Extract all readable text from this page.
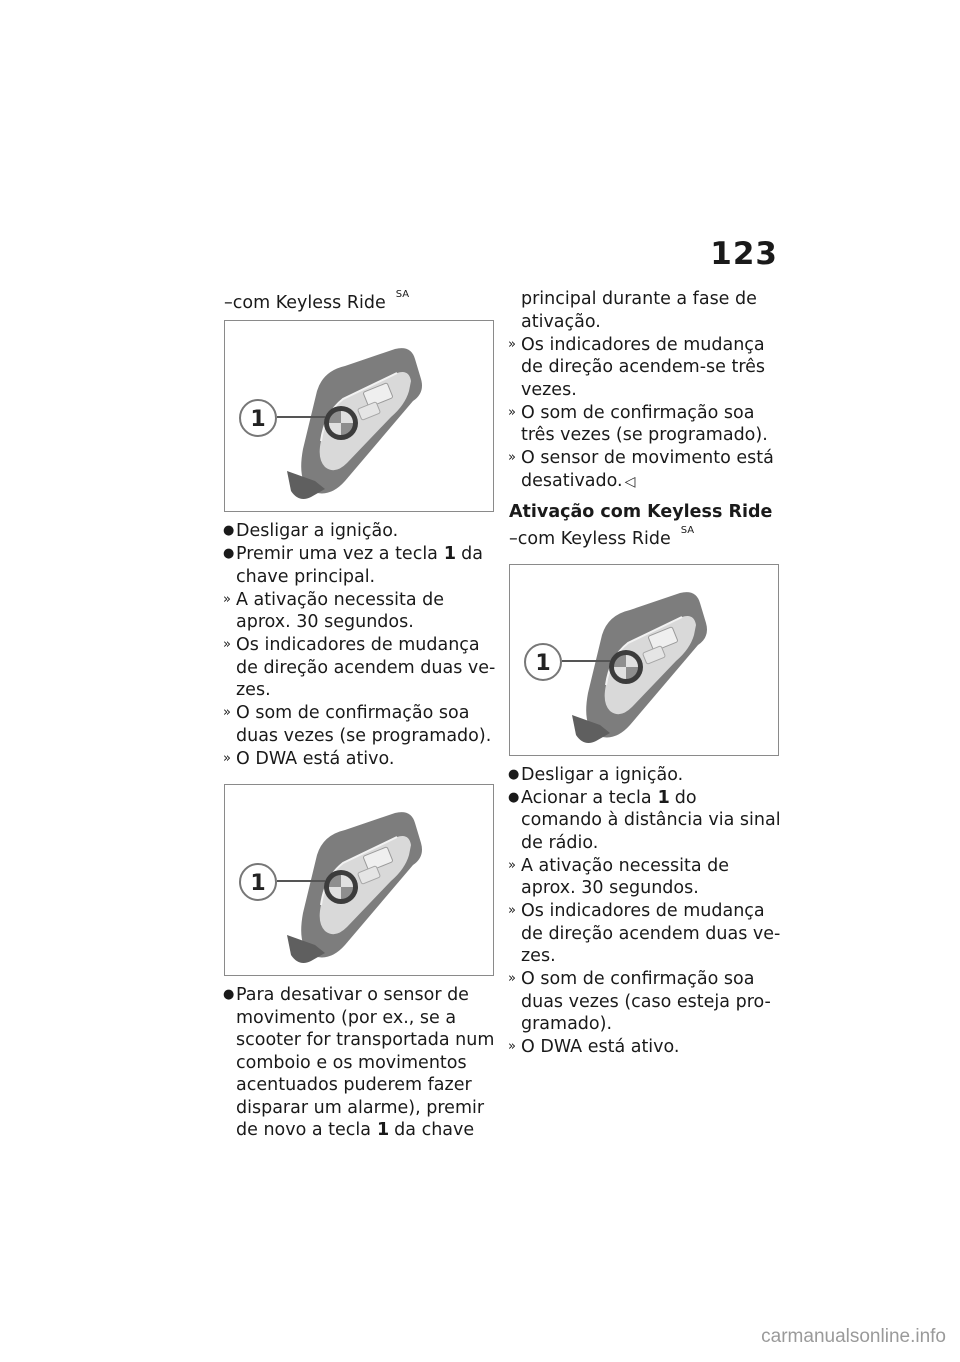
123

–com Keyless Ride $^{SA}$

1

● Desligar a ignição.

● Premir uma vez a tecla 1 da chave principal.

» A ativação necessita de aprox. 30 segundos.

» Os indicadores de mudança de direção acendem duas ve-zes.

» O som de confirmação soa duas vezes (se programado).

» O DWA está ativo.

1

● Para desativar o sensor de movimento (por ex., se a scooter for transportada num comboio e os movimentos acentuados puderem fazer disparar um alarme), premir de novo a tecla 1 da chave

principal durante a fase de ativação.

» Os indicadores de mudança de direção acendem-se três vezes.

» O som de confirmação soa três vezes (se programado).

» O sensor de movimento está desativado. ◁

Ativação com Keyless Ride

–com Keyless Ride $^{SA}$

1

● Desligar a ignição.

● Acionar a tecla 1 do comando à distância via sinal de rádio.

» A ativação necessita de aprox. 30 segundos.

» Os indicadores de mudança de direção acendem duas ve-zes.

» O som de confirmação soa duas vezes (caso esteja pro-gramado).

» O DWA está ativo.

carmanualsonline.info
